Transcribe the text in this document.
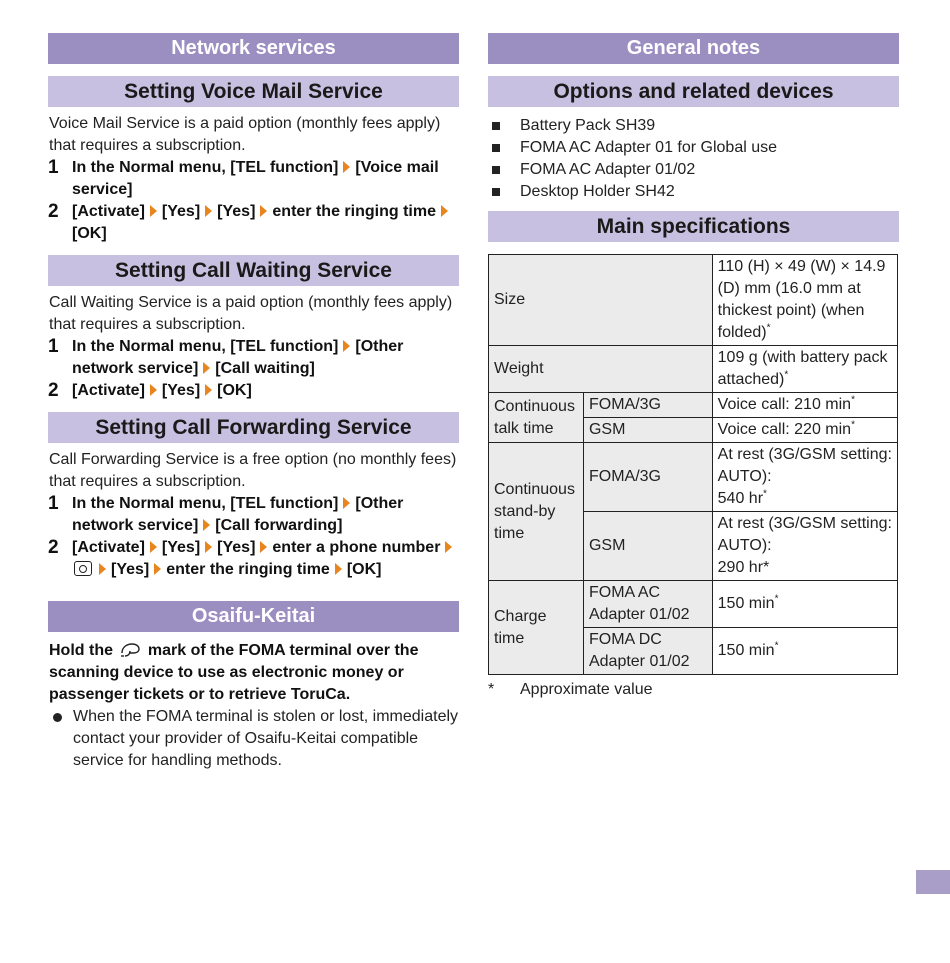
Network services
Setting Voice Mail Service
Voice Mail Service is a paid option (monthly fees apply) that requires a subscription.
1 In the Normal menu, [TEL function] [Voice mail service]
2 [Activate] [Yes] [Yes] enter the ringing time[OK]
Setting Call Waiting Service
Call Waiting Service is a paid option (monthly fees apply) that requires a subscription.
1 In the Normal menu, [TEL function] [Other network service] [Call waiting]
2 [Activate] [Yes] [OK]
Setting Call Forwarding Service
Call Forwarding Service is a free option (no monthly fees) that requires a subscription.
1 In the Normal menu, [TEL function] [Other network service] [Call forwarding]
2 [Activate] [Yes] [Yes] enter a phone number[Yes] enter the ringing time [OK]
Osaifu-Keitai
Hold the mark of the FOMA terminal over the scanning device to use as electronic money or passenger tickets or to retrieve ToruCa.
When the FOMA terminal is stolen or lost, immediately contact your provider of Osaifu-Keitai compatible service for handling methods.
General notes
Options and related devices
Battery Pack SH39
FOMA AC Adapter 01 for Global use
FOMA AC Adapter 01/02
Desktop Holder SH42
Main specifications
Size		110 (H) × 49 (W) × 14.9 (D) mm (16.0 mm at thickest point) (when folded)*
Weight		109 g (with battery pack attached)*
Continuous talk time	FOMA/3G	Voice call: 210 min*
	GSM	Voice call: 220 min*
Continuous stand-by time	FOMA/3G	At rest (3G/GSM setting: AUTO):
540 hr*
	GSM	At rest (3G/GSM setting: AUTO):
290 hr*
Charge time	FOMA AC Adapter 01/02	150 min*
	FOMA DC Adapter 01/02	150 min*
*	Approximate value
